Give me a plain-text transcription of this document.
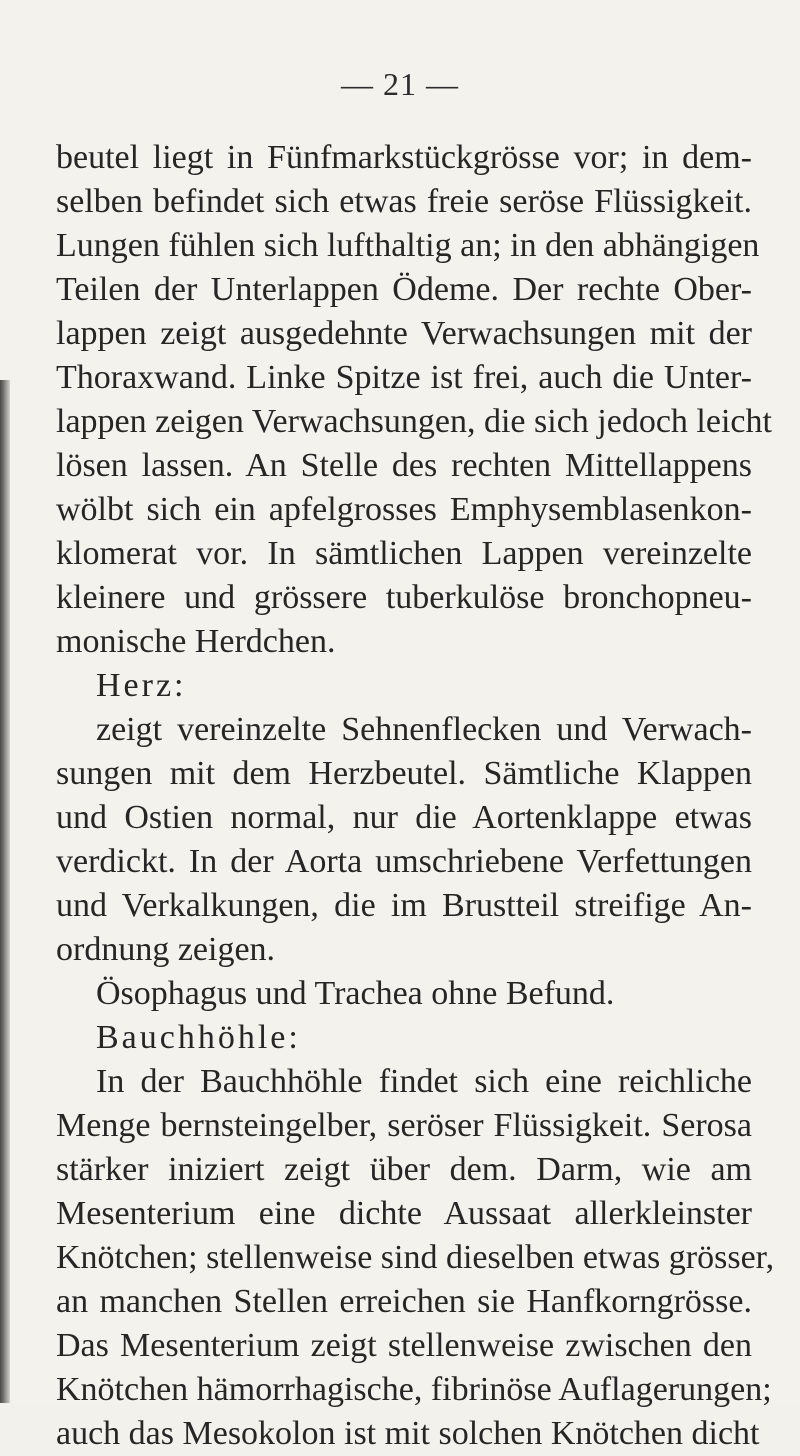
— 21 —
beutel liegt in Fünfmarkstückgrösse vor; in dem-
selben befindet sich etwas freie seröse Flüssigkeit.
Lungen fühlen sich lufthaltig an; in den abhängigen
Teilen der Unterlappen Ödeme. Der rechte Ober-
lappen zeigt ausgedehnte Verwachsungen mit der
Thoraxwand. Linke Spitze ist frei, auch die Unter-
lappen zeigen Verwachsungen, die sich jedoch leicht
lösen lassen. An Stelle des rechten Mittellappens
wölbt sich ein apfelgrosses Emphysemblasenkon-
klomerat vor. In sämtlichen Lappen vereinzelte
kleinere und grössere tuberkulöse bronchopneu-
monische Herdchen.
Herz:
zeigt vereinzelte Sehnenflecken und Verwach-
sungen mit dem Herzbeutel. Sämtliche Klappen
und Ostien normal, nur die Aortenklappe etwas
verdickt. In der Aorta umschriebene Verfettungen
und Verkalkungen, die im Brustteil streifige An-
ordnung zeigen.
Ösophagus und Trachea ohne Befund.
Bauchhöhle:
In der Bauchhöhle findet sich eine reichliche
Menge bernsteingelber, seröser Flüssigkeit. Serosa
stärker iniziert zeigt über dem. Darm, wie am
Mesenterium eine dichte Aussaat allerkleinster
Knötchen; stellenweise sind dieselben etwas grösser,
an manchen Stellen erreichen sie Hanfkorngrösse.
Das Mesenterium zeigt stellenweise zwischen den
Knötchen hämorrhagische, fibrinöse Auflagerungen;
auch das Mesokolon ist mit solchen Knötchen dicht
